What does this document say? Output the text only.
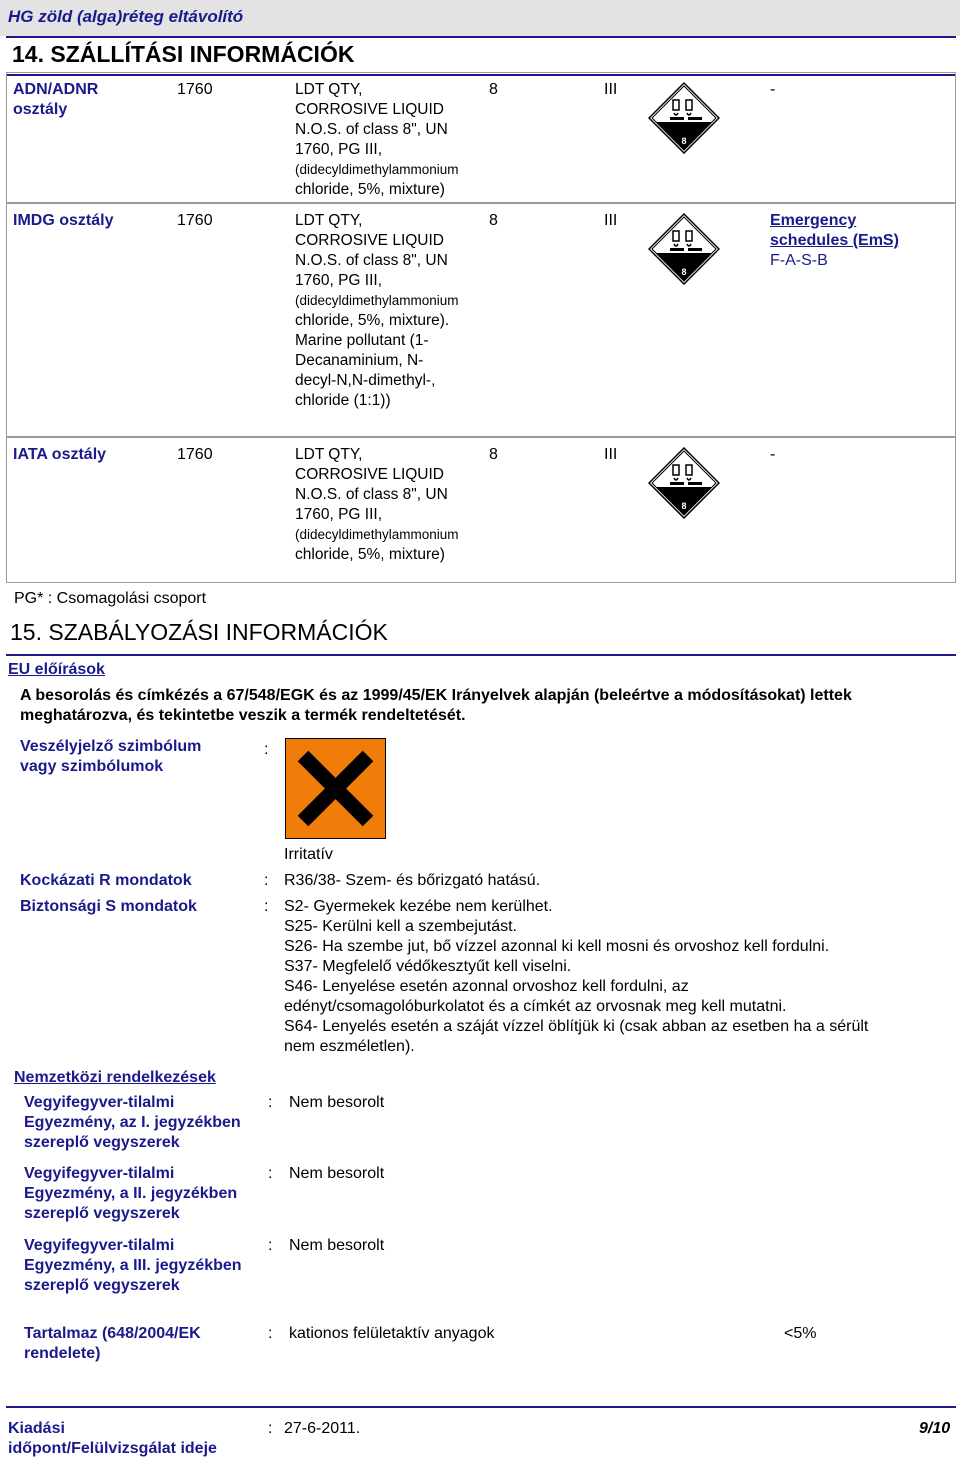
HG zöld (alga)réteg eltávolító
14. SZÁLLÍTÁSI INFORMÁCIÓK
ADN/ADNR
osztály
1760	LDT QTY,
CORROSIVE LIQUID
N.O.S. of class 8", UN
1760, PG III,
(didecyldimethylammonium
chloride, 5%, mixture)
8	III
8
-
IMDG osztály	1760	LDT QTY,
CORROSIVE LIQUID
N.O.S. of class 8", UN
1760, PG III,
(didecyldimethylammonium
chloride, 5%, mixture).
Marine pollutant (1-
Decanaminium, N-
decyl-N,N-dimethyl-,
chloride (1:1))
8	III
8
Emergency
schedules (EmS)
F-A-S-B
IATA osztály	1760	LDT QTY,
CORROSIVE LIQUID
N.O.S. of class 8", UN
1760, PG III,
(didecyldimethylammonium
chloride, 5%, mixture)
8	III
8
-
PG* : Csomagolási csoport
15. SZABÁLYOZÁSI INFORMÁCIÓK
EU előírások
A besorolás és címkézés a 67/548/EGK és az 1999/45/EK Irányelvek alapján (beleértve a módosításokat) lettek
meghatározva, és tekintetbe veszik a termék rendeltetését.
Veszélyjelző szimbólum
vagy szimbólumok
:
Irritatív
Kockázati R mondatok	: R36/38- Szem- és bőrizgató hatású.
Biztonsági S mondatok	: S2- Gyermekek kezébe nem kerülhet.
S25- Kerülni kell a szembejutást.
S26- Ha szembe jut, bő vízzel azonnal ki kell mosni és orvoshoz kell fordulni.
S37- Megfelelő védőkesztyűt kell viselni.
S46- Lenyelése esetén azonnal orvoshoz kell fordulni, az
edényt/csomagolóburkolatot és a címkét az orvosnak meg kell mutatni.
S64- Lenyelés esetén a száját vízzel öblítjük ki (csak abban az esetben ha a sérült
nem eszméletlen).
Nemzetközi rendelkezések
Vegyifegyver-tilalmi
Egyezmény, az I. jegyzékben
szereplő vegyszerek
: Nem besorolt
Vegyifegyver-tilalmi
Egyezmény, a II. jegyzékben
szereplő vegyszerek
: Nem besorolt
Vegyifegyver-tilalmi
Egyezmény, a III. jegyzékben
szereplő vegyszerek
: Nem besorolt
Tartalmaz (648/2004/EK
rendelete)
: kationos felületaktív anyagok	<5%
Kiadási
időpont/Felülvizsgálat ideje
: 27-6-2011.	9/10
